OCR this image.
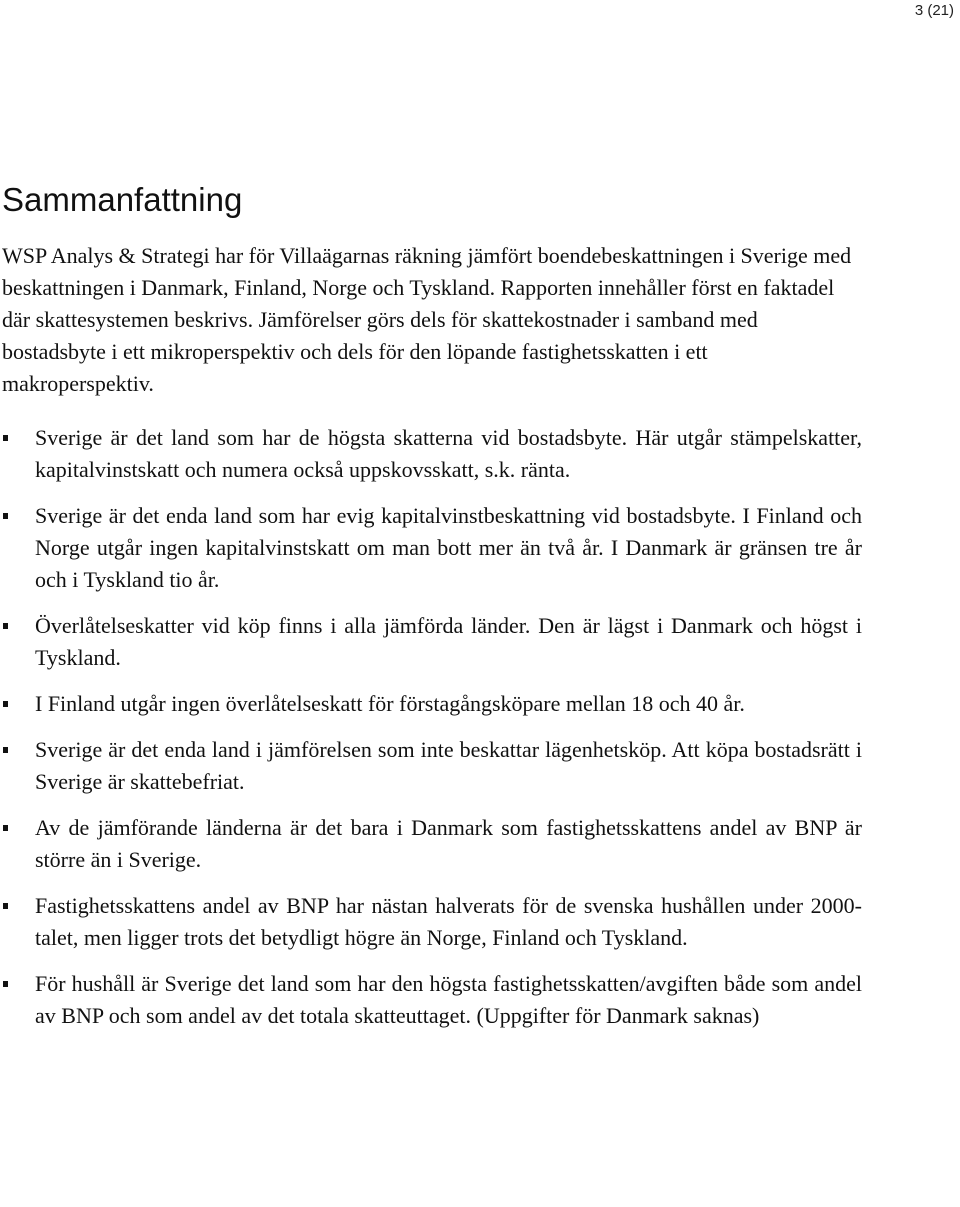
3 (21)
Sammanfattning

WSP Analys & Strategi har för Villaägarnas räkning jämfört boendebeskattningen i Sverige med beskattningen i Danmark, Finland, Norge och Tyskland. Rapporten innehåller först en faktadel där skattesystemen beskrivs. Jämförelser görs dels för skattekostnader i samband med bostadsbyte i ett mikroperspektiv och dels för den löpande fastighetsskatten i ett makroperspektiv.

Sverige är det land som har de högsta skatterna vid bostadsbyte. Här utgår stämpelskatter, kapitalvinstskatt och numera också uppskovsskatt, s.k. ränta.
Sverige är det enda land som har evig kapitalvinstbeskattning vid bostadsbyte. I Finland och Norge utgår ingen kapitalvinstskatt om man bott mer än två år. I Danmark är gränsen tre år och i Tyskland tio år.
Överlåtelseskatter vid köp finns i alla jämförda länder. Den är lägst i Danmark och högst i Tyskland.
I Finland utgår ingen överlåtelseskatt för förstagångsköpare mellan 18 och 40 år.
Sverige är det enda land i jämförelsen som inte beskattar lägenhetsköp. Att köpa bostadsrätt i Sverige är skattebefriat.
Av de jämförande länderna är det bara i Danmark som fastighetsskattens andel av BNP är större än i Sverige.
Fastighetsskattens andel av BNP har nästan halverats för de svenska hushållen under 2000-talet, men ligger trots det betydligt högre än Norge, Finland och Tyskland.
För hushåll är Sverige det land som har den högsta fastighetsskatten/avgiften både som andel av BNP och som andel av det totala skatteuttaget. (Uppgifter för Danmark saknas)
